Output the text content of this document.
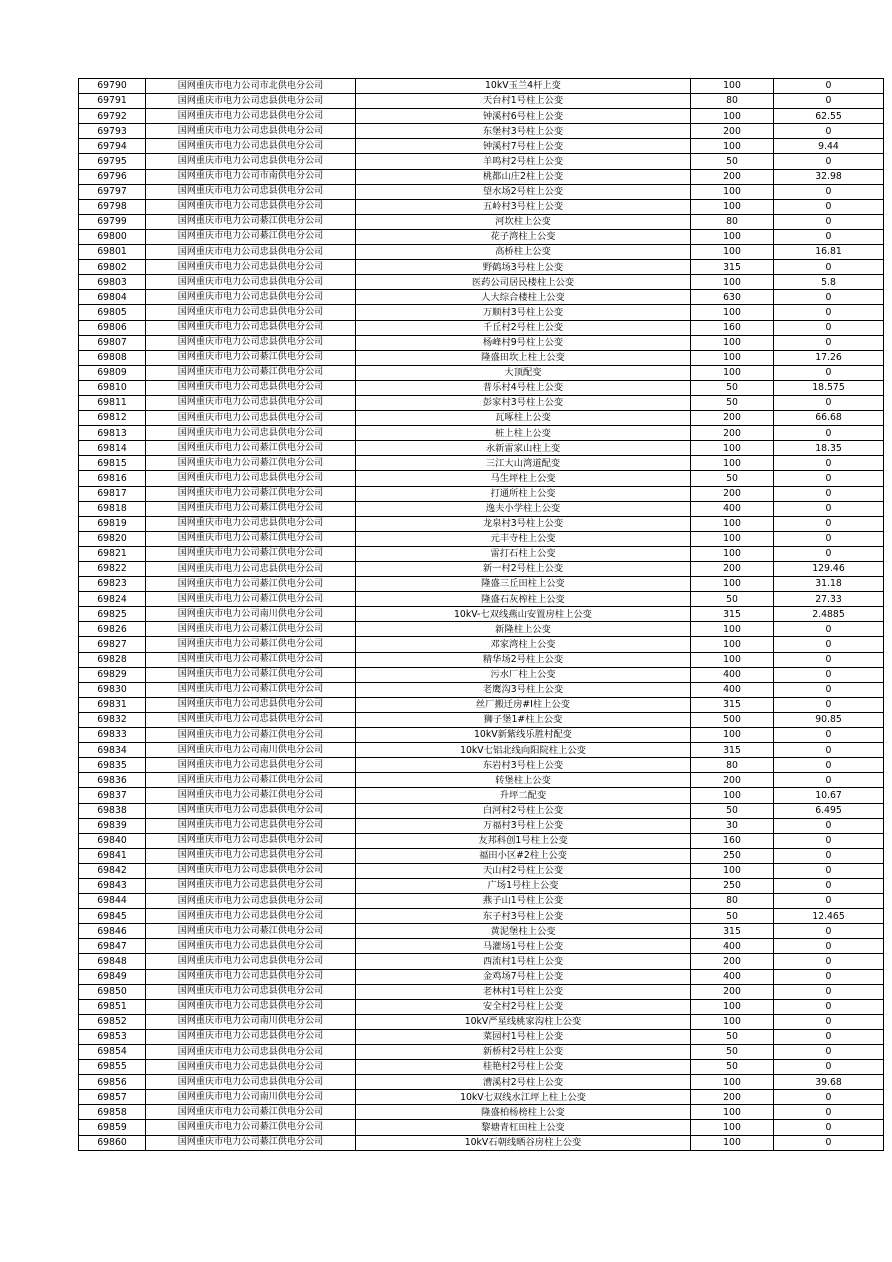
69790	国网重庆市电力公司市北供电分公司	10kV玉兰4杆上变	100	0
69791	国网重庆市电力公司忠县供电分公司	天台村1号柱上公变	80	0
69792	国网重庆市电力公司忠县供电分公司	钟溪村6号柱上公变	100	62.55
69793	国网重庆市电力公司忠县供电分公司	东堡村3号柱上公变	200	0
69794	国网重庆市电力公司忠县供电分公司	钟溪村7号柱上公变	100	9.44
69795	国网重庆市电力公司忠县供电分公司	羊鸣村2号柱上公变	50	0
69796	国网重庆市电力公司市南供电分公司	桃都山庄2柱上公变	200	32.98
69797	国网重庆市电力公司忠县供电分公司	望水场2号柱上公变	100	0
69798	国网重庆市电力公司忠县供电分公司	五岭村3号柱上公变	100	0
69799	国网重庆市电力公司綦江供电分公司	河坎柱上公变	80	0
69800	国网重庆市电力公司綦江供电分公司	花子湾柱上公变	100	0
69801	国网重庆市电力公司忠县供电分公司	高桥柱上公变	100	16.81
69802	国网重庆市电力公司忠县供电分公司	野鹤场3号柱上公变	315	0
69803	国网重庆市电力公司忠县供电分公司	医药公司居民楼柱上公变	100	5.8
69804	国网重庆市电力公司忠县供电分公司	人大综合楼柱上公变	630	0
69805	国网重庆市电力公司忠县供电分公司	万顺村3号柱上公变	100	0
69806	国网重庆市电力公司忠县供电分公司	千丘村2号柱上公变	160	0
69807	国网重庆市电力公司忠县供电分公司	杨峰村9号柱上公变	100	0
69808	国网重庆市电力公司綦江供电分公司	隆盛田坎上柱上公变	100	17.26
69809	国网重庆市电力公司綦江供电分公司	大顶配变	100	0
69810	国网重庆市电力公司忠县供电分公司	普乐村4号柱上公变	50	18.575
69811	国网重庆市电力公司忠县供电分公司	彭家村3号柱上公变	50	0
69812	国网重庆市电力公司忠县供电分公司	瓦啄柱上公变	200	66.68
69813	国网重庆市电力公司忠县供电分公司	桩上柱上公变	200	0
69814	国网重庆市电力公司綦江供电分公司	永新雷家山柱上变	100	18.35
69815	国网重庆市电力公司綦江供电分公司	三江大山湾道配变	100	0
69816	国网重庆市电力公司忠县供电分公司	马生坪柱上公变	50	0
69817	国网重庆市电力公司綦江供电分公司	打通所柱上公变	200	0
69818	国网重庆市电力公司綦江供电分公司	逸夫小学柱上公变	400	0
69819	国网重庆市电力公司忠县供电分公司	龙泉村3号柱上公变	100	0
69820	国网重庆市电力公司綦江供电分公司	元丰寺柱上公变	100	0
69821	国网重庆市电力公司綦江供电分公司	雷打石柱上公变	100	0
69822	国网重庆市电力公司忠县供电分公司	新一村2号柱上公变	200	129.46
69823	国网重庆市电力公司綦江供电分公司	隆盛三丘田柱上公变	100	31.18
69824	国网重庆市电力公司綦江供电分公司	隆盛石灰榨柱上公变	50	27.33
69825	国网重庆市电力公司南川供电分公司	10kV-七双线燕山安置房柱上公变	315	2.4885
69826	国网重庆市电力公司綦江供电分公司	新隆柱上公变	100	0
69827	国网重庆市电力公司綦江供电分公司	邓家湾柱上公变	100	0
69828	国网重庆市电力公司綦江供电分公司	精华场2号柱上公变	100	0
69829	国网重庆市电力公司綦江供电分公司	污水厂柱上公变	400	0
69830	国网重庆市电力公司綦江供电分公司	老鹰沟3号柱上公变	400	0
69831	国网重庆市电力公司忠县供电分公司	丝厂搬迁房#I柱上公变	315	0
69832	国网重庆市电力公司忠县供电分公司	狮子堡1#柱上公变	500	90.85
69833	国网重庆市电力公司綦江供电分公司	10kV新紫线乐胜村配变	100	0
69834	国网重庆市电力公司南川供电分公司	10kV七铝北线向阳院柱上公变	315	0
69835	国网重庆市电力公司忠县供电分公司	东岩村3号柱上公变	80	0
69836	国网重庆市电力公司綦江供电分公司	转堡柱上公变	200	0
69837	国网重庆市电力公司綦江供电分公司	升坪二配变	100	10.67
69838	国网重庆市电力公司忠县供电分公司	白河村2号柱上公变	50	6.495
69839	国网重庆市电力公司忠县供电分公司	万福村3号柱上公变	30	0
69840	国网重庆市电力公司忠县供电分公司	友邦科创1号柱上公变	160	0
69841	国网重庆市电力公司忠县供电分公司	福田小区#2柱上公变	250	0
69842	国网重庆市电力公司忠县供电分公司	天山村2号柱上公变	100	0
69843	国网重庆市电力公司忠县供电分公司	广场1号柱上公变	250	0
69844	国网重庆市电力公司忠县供电分公司	燕子山1号柱上公变	80	0
69845	国网重庆市电力公司忠县供电分公司	东子村3号柱上公变	50	12.465
69846	国网重庆市电力公司綦江供电分公司	黄泥堡柱上公变	315	0
69847	国网重庆市电力公司忠县供电分公司	马灌场1号柱上公变	400	0
69848	国网重庆市电力公司忠县供电分公司	西流村1号柱上公变	200	0
69849	国网重庆市电力公司忠县供电分公司	金鸡场7号柱上公变	400	0
69850	国网重庆市电力公司忠县供电分公司	老林村1号柱上公变	200	0
69851	国网重庆市电力公司忠县供电分公司	安全村2号柱上公变	100	0
69852	国网重庆市电力公司南川供电分公司	10kV严星线桃家沟柱上公变	100	0
69853	国网重庆市电力公司忠县供电分公司	菜园村1号柱上公变	50	0
69854	国网重庆市电力公司忠县供电分公司	新桥村2号柱上公变	50	0
69855	国网重庆市电力公司忠县供电分公司	桂艳村2号柱上公变	50	0
69856	国网重庆市电力公司忠县供电分公司	漕溪村2号柱上公变	100	39.68
69857	国网重庆市电力公司南川供电分公司	10kV七双线水江坪上柱上公变	200	0
69858	国网重庆市电力公司綦江供电分公司	隆盛柏杨榜柱上公变	100	0
69859	国网重庆市电力公司綦江供电分公司	黎塘青杠田柱上公变	100	0
69860	国网重庆市电力公司綦江供电分公司	10kV石朝线晒谷房柱上公变	100	0
